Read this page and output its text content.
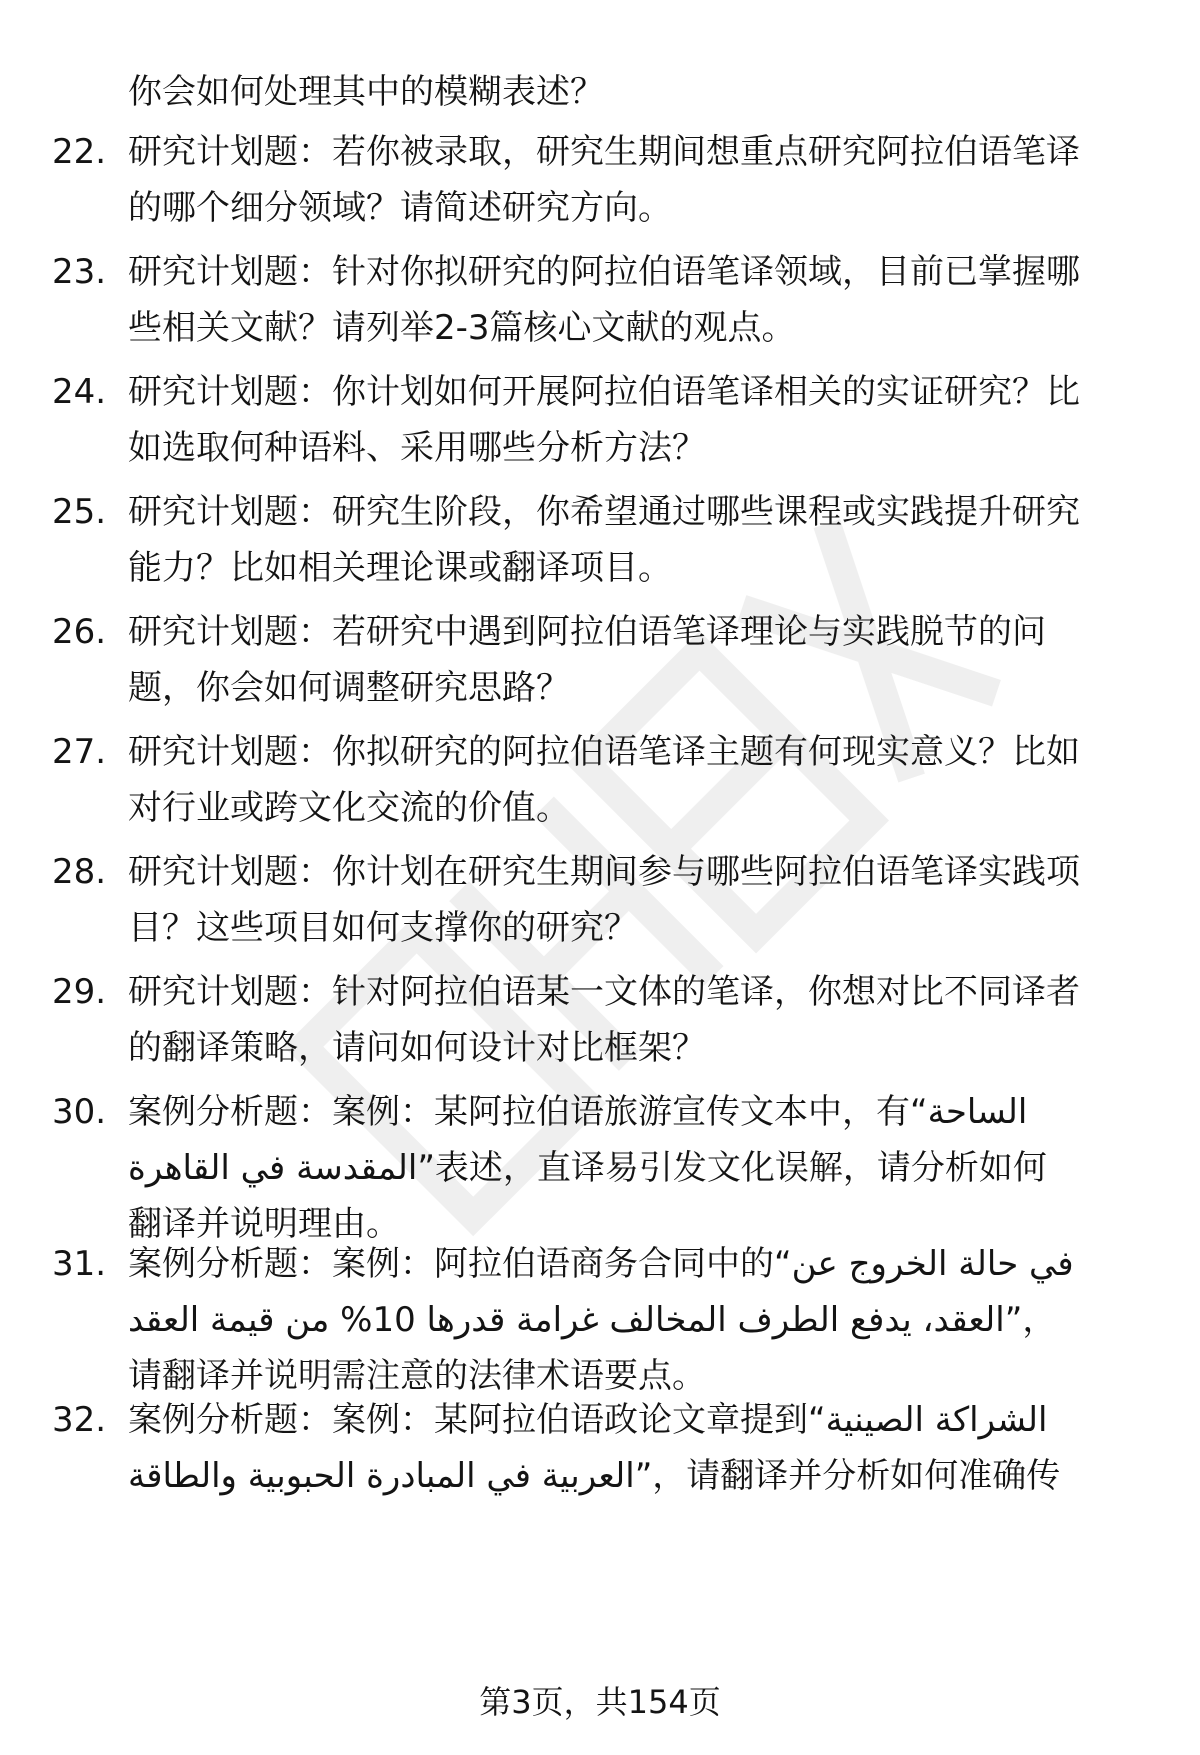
你会如何处理其中的模糊表述？
22. 研究计划题：若你被录取，研究生期间想重点研究阿拉伯语笔译
的哪个细分领域？请简述研究方向。
23. 研究计划题：针对你拟研究的阿拉伯语笔译领域，目前已掌握哪
些相关文献？请列举2-3篇核心文献的观点。
24. 研究计划题：你计划如何开展阿拉伯语笔译相关的实证研究？比
如选取何种语料、采用哪些分析方法？
25. 研究计划题：研究生阶段，你希望通过哪些课程或实践提升研究
能力？比如相关理论课或翻译项目。
26. 研究计划题：若研究中遇到阿拉伯语笔译理论与实践脱节的问
题，你会如何调整研究思路？
27. 研究计划题：你拟研究的阿拉伯语笔译主题有何现实意义？比如
对行业或跨文化交流的价值。
28. 研究计划题：你计划在研究生期间参与哪些阿拉伯语笔译实践项
目？这些项目如何支撑你的研究？
29. 研究计划题：针对阿拉伯语某一文体的笔译，你想对比不同译者
的翻译策略，请问如何设计对比框架？
30. 案例分析题：案例：某阿拉伯语旅游宣传文本中，有“الساحة
المقدسة في القاهرة”表述，直译易引发文化误解，请分析如何
翻译并说明理由。
31. 案例分析题：案例：阿拉伯语商务合同中的“في حالة الخروج عن
العقد، يدفع الطرف المخالف غرامة قدرها 10% من قيمة العقد”，
请翻译并说明需注意的法律术语要点。
32. 案例分析题：案例：某阿拉伯语政论文章提到“الشراكة الصينية
العربية في المبادرة الحبوبية والطاقة”，请翻译并分析如何准确传
第3页，共154页
